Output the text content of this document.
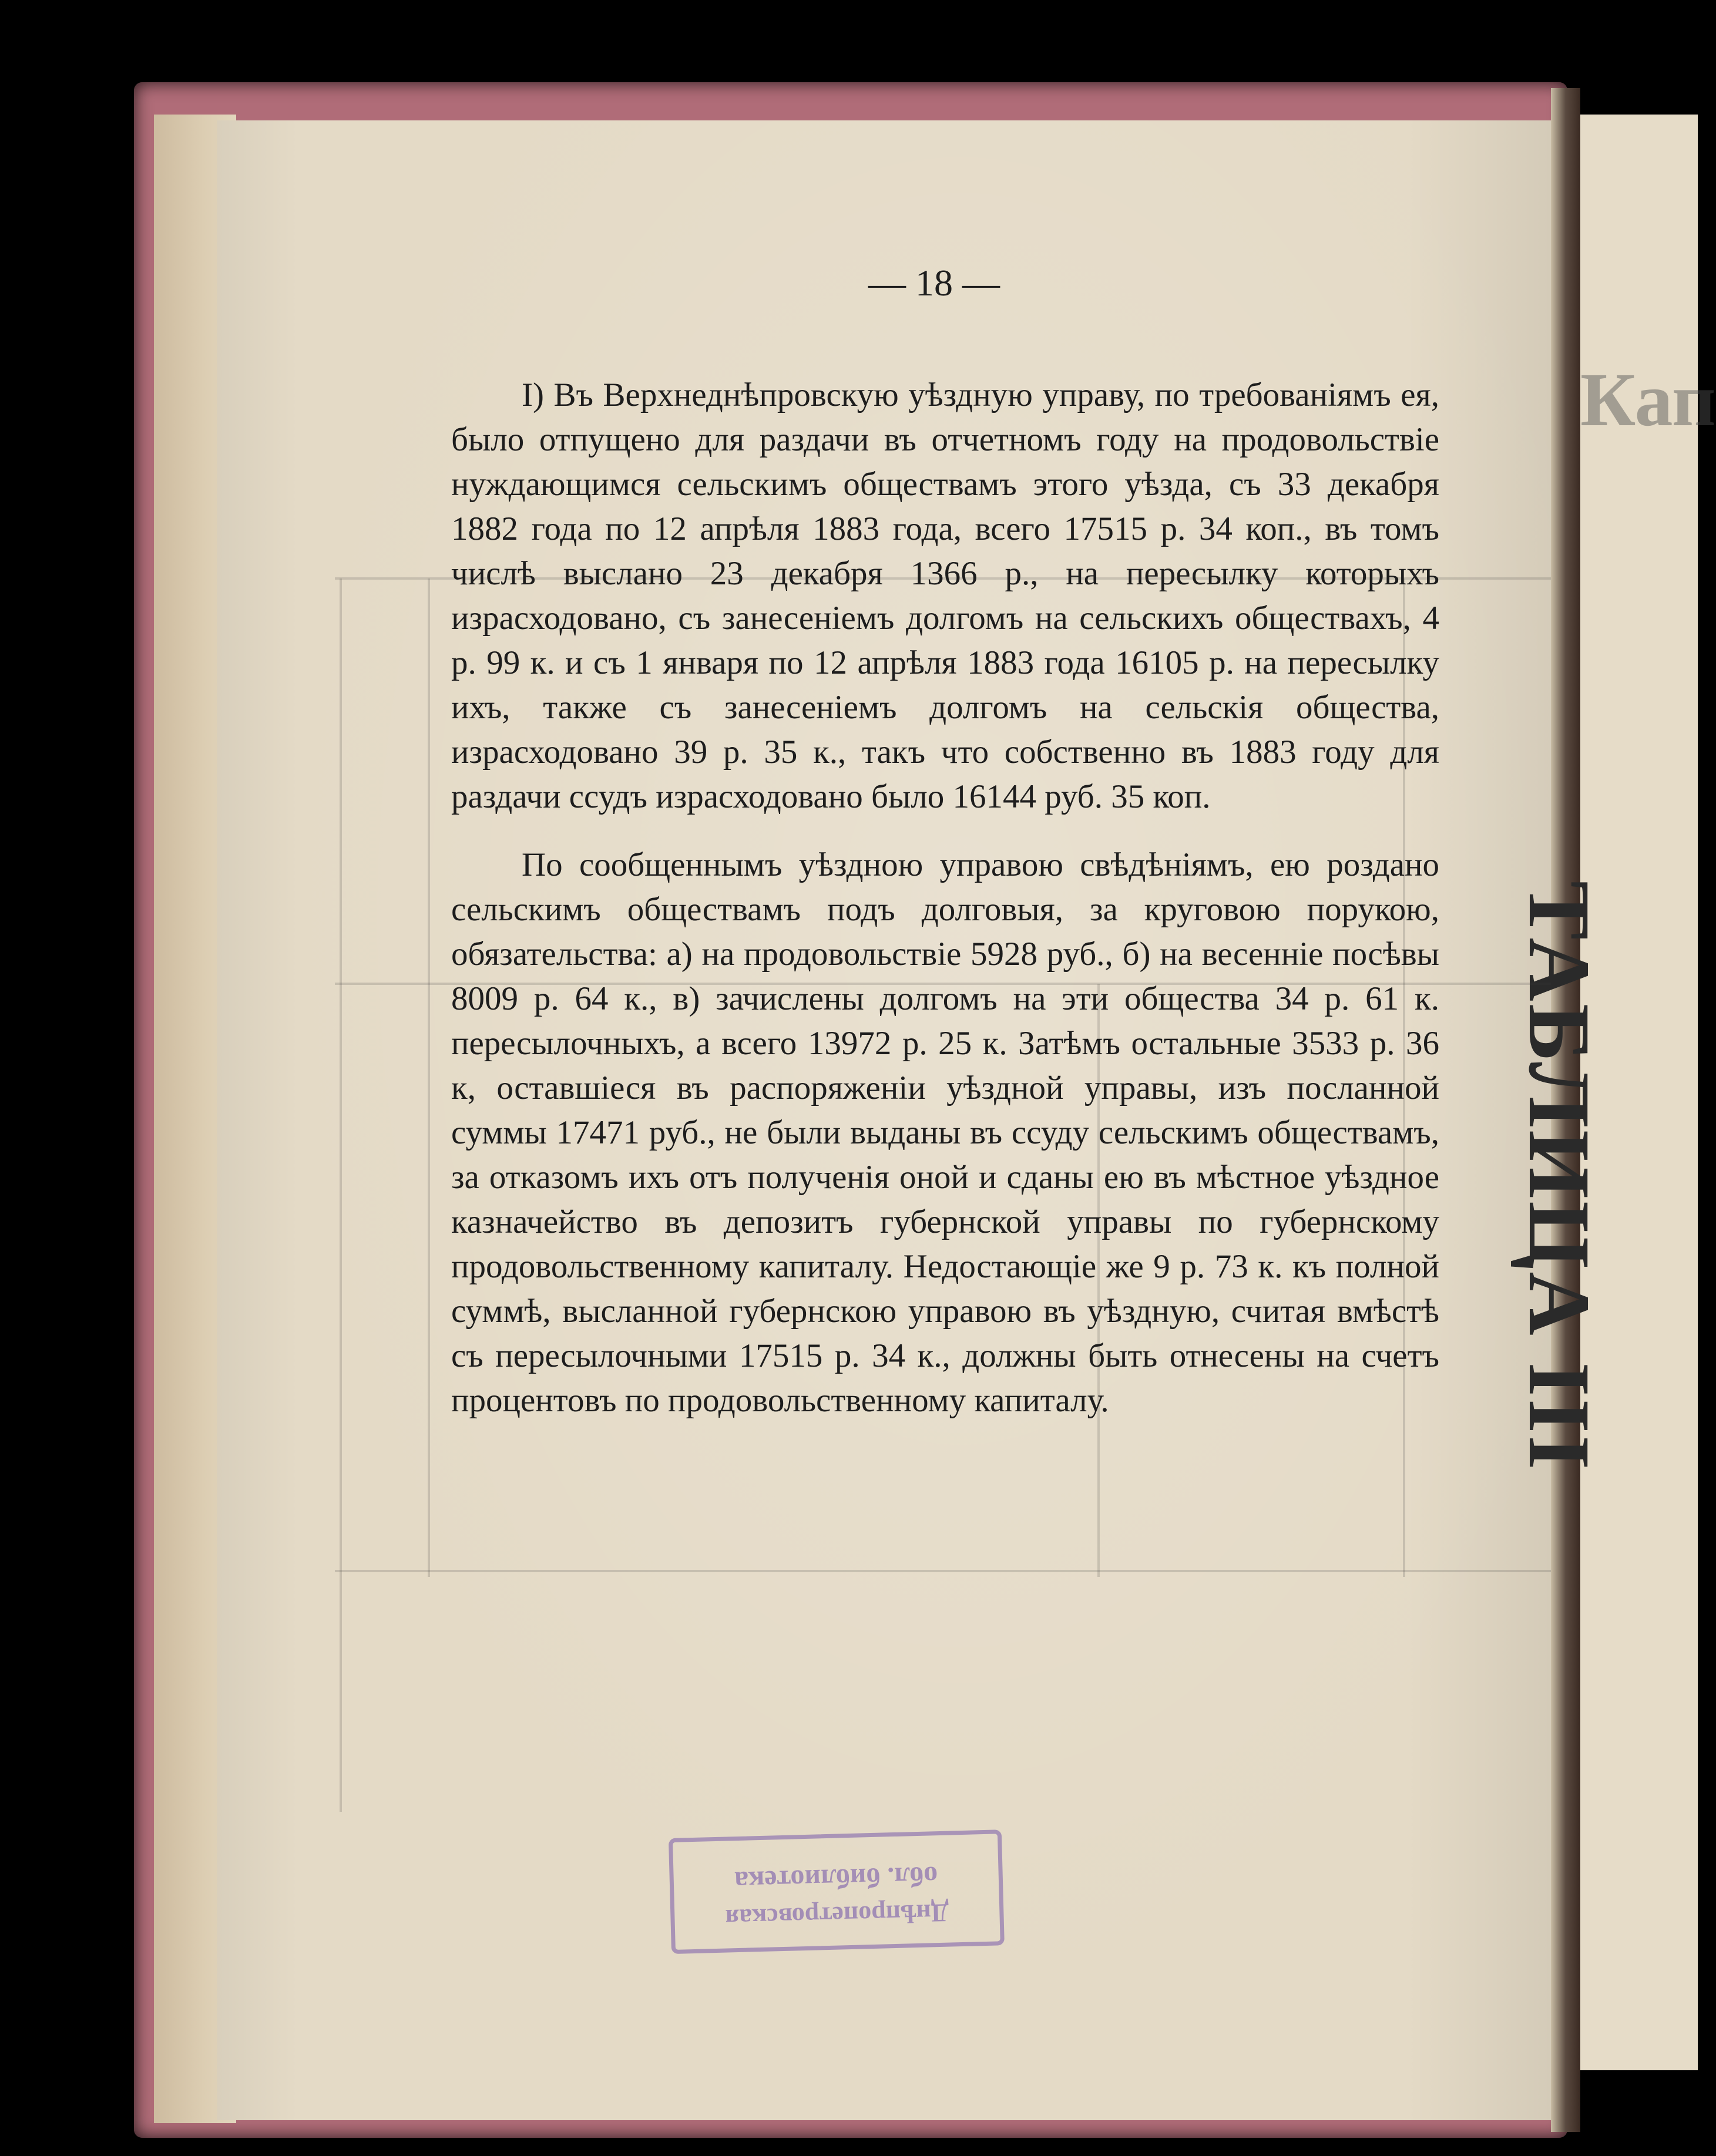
Кап
ТАБЛИЦА III
— 18 —

I) Въ Верхнеднѣпровскую уѣздную управу, по требованіямъ ея, было отпущено для раздачи въ отчетномъ году на продовольствіе нуждающимся сельскимъ обществамъ этого уѣзда, съ 33 декабря 1882 года по 12 апрѣля 1883 года, всего 17515 р. 34 коп., въ томъ числѣ выслано 23 декабря 1366 р., на пересылку которыхъ израсходовано, съ занесеніемъ долгомъ на сельскихъ обществахъ, 4 р. 99 к. и съ 1 января по 12 апрѣля 1883 года 16105 р. на пересылку ихъ, также съ занесеніемъ долгомъ на сельскія общества, израсходовано 39 р. 35 к., такъ что собственно въ 1883 году для раздачи ссудъ израсходовано было 16144 руб. 35 коп.

По сообщеннымъ уѣздною управою свѣдѣніямъ, ею роздано сельскимъ обществамъ подъ долговыя, за круговою порукою, обязательства: а) на продовольствіе 5928 руб., б) на весенніе посѣвы 8009 р. 64 к., в) зачислены долгомъ на эти общества 34 р. 61 к. пересылочныхъ, а всего 13972 р. 25 к. Затѣмъ остальные 3533 р. 36 к, оставшіеся въ распоряженіи уѣздной управы, изъ посланной суммы 17471 руб., не были выданы въ ссуду сельскимъ обществамъ, за отказомъ ихъ отъ полученія оной и сданы ею въ мѣстное уѣздное казначейство въ депозитъ губернской управы по губернскому продовольственному капиталу. Недостающіе же 9 р. 73 к. къ полной суммѣ, высланной губернскою управою въ уѣздную, считая вмѣстѣ съ пересылочными 17515 р. 34 к., должны быть отнесены на счетъ процентовъ по продовольственному капиталу.

Днѣпропетровская
обл. библиотека
